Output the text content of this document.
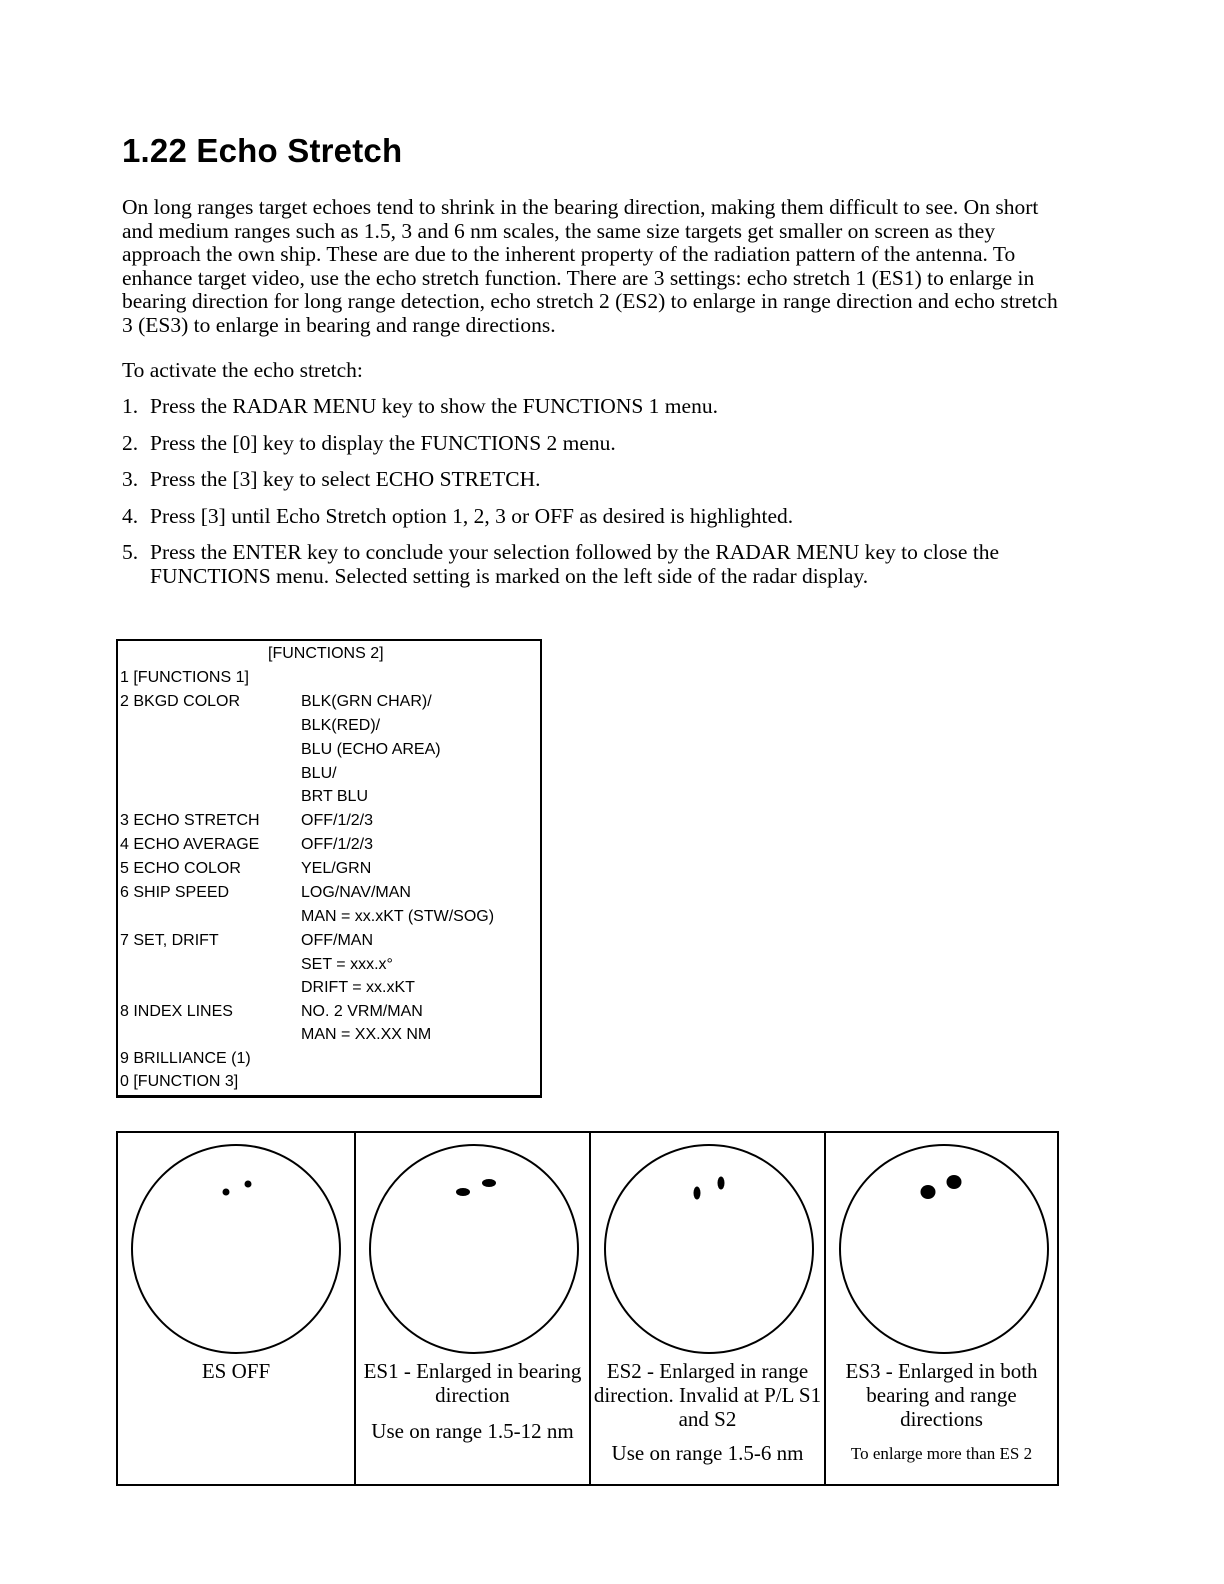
1.22 Echo Stretch

On long ranges target echoes tend to shrink in the bearing direction, making them difficult to see. On short and medium ranges such as 1.5, 3 and 6 nm scales, the same size targets get smaller on screen as they approach the own ship. These are due to the inherent property of the radiation pattern of the antenna. To enhance target video, use the echo stretch function. There are 3 settings: echo stretch 1 (ES1) to enlarge in bearing direction for long range detection, echo stretch 2 (ES2) to enlarge in range direction and echo stretch 3 (ES3) to enlarge in bearing and range directions.

To activate the echo stretch:

1. Press the RADAR MENU key to show the FUNCTIONS 1 menu.
2. Press the [0] key to display the FUNCTIONS 2 menu.
3. Press the [3] key to select ECHO STRETCH.
4. Press [3] until Echo Stretch option 1, 2, 3 or OFF as desired is highlighted.
5. Press the ENTER key to conclude your selection followed by the RADAR MENU key to close the FUNCTIONS menu. Selected setting is marked on the left side of the radar display.
[FUNCTIONS 2]
1 [FUNCTIONS 1]
2 BKGD COLOR
3 ECHO STRETCH
4 ECHO AVERAGE
5 ECHO COLOR
6 SHIP SPEED
7 SET, DRIFT
8 INDEX LINES
9 BRILLIANCE (1)
0 [FUNCTION 3]
BLK(GRN CHAR)/
BLK(RED)/
BLU (ECHO AREA)
BLU/
BRT BLU
OFF/1/2/3
OFF/1/2/3
YEL/GRN
LOG/NAV/MAN
MAN = xx.xKT (STW/SOG)
OFF/MAN
SET = xxx.x°
DRIFT = xx.xKT
NO. 2 VRM/MAN
MAN = XX.XX NM
ES OFF	ES1 - Enlarged in bearing direction
Use on range 1.5-12 nm
ES2 - Enlarged in range direction. Invalid at P/L S1 and S2
Use on range 1.5-6 nm
ES3 - Enlarged in both bearing and range directions
To enlarge more than ES 2
